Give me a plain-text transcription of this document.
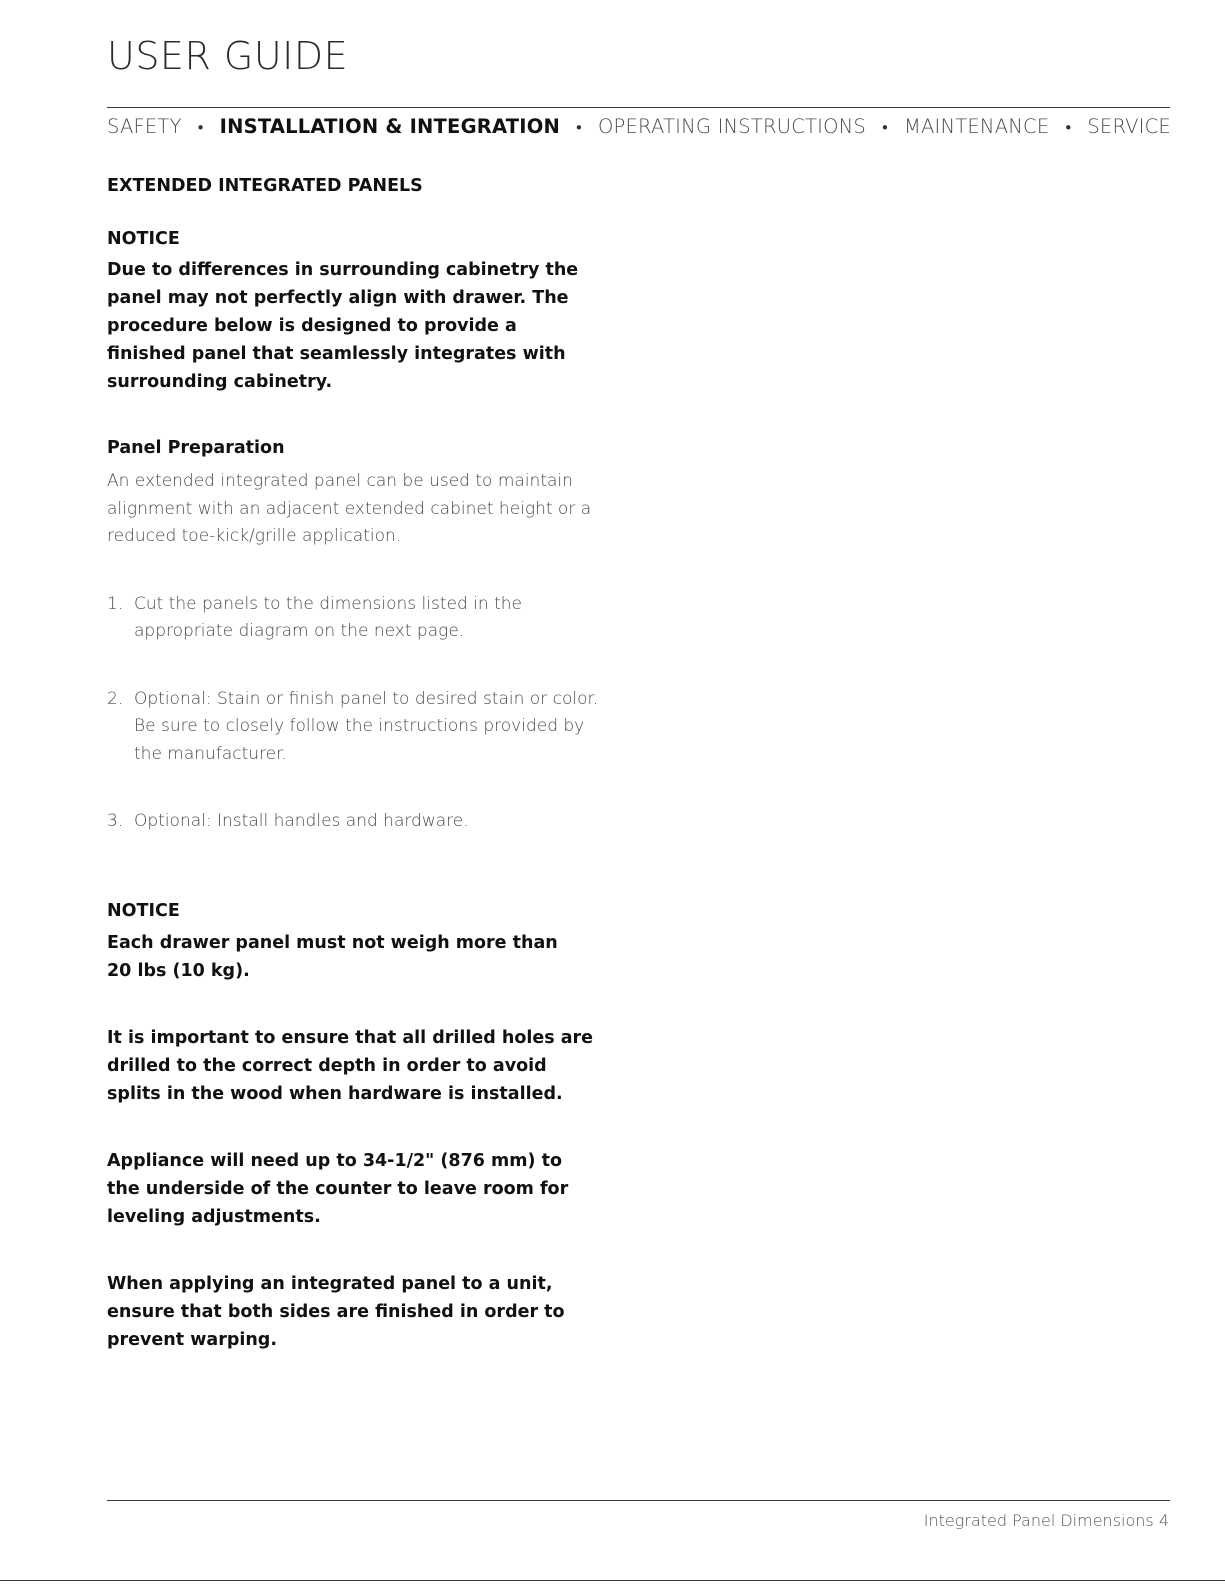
USER GUIDE
SAFETY • INSTALLATION & INTEGRATION • OPERATING INSTRUCTIONS • MAINTENANCE • SERVICE

EXTENDED INTEGRATED PANELS

NOTICE

Due to differences in surrounding cabinetry the
panel may not perfectly align with drawer. The
procedure below is designed to provide a
finished panel that seamlessly integrates with
surrounding cabinetry.

Panel Preparation

An extended integrated panel can be used to maintain
alignment with an adjacent extended cabinet height or a
reduced toe-kick/grille application.

1. Cut the panels to the dimensions listed in the
appropriate diagram on the next page.
2. Optional: Stain or finish panel to desired stain or color.
Be sure to closely follow the instructions provided by
the manufacturer.
3. Optional: Install handles and hardware.

NOTICE

Each drawer panel must not weigh more than
20 lbs (10 kg).

It is important to ensure that all drilled holes are
drilled to the correct depth in order to avoid
splits in the wood when hardware is installed.

Appliance will need up to 34-1/2" (876 mm) to
the underside of the counter to leave room for
leveling adjustments.

When applying an integrated panel to a unit,
ensure that both sides are finished in order to
prevent warping.

Integrated Panel Dimensions 4
